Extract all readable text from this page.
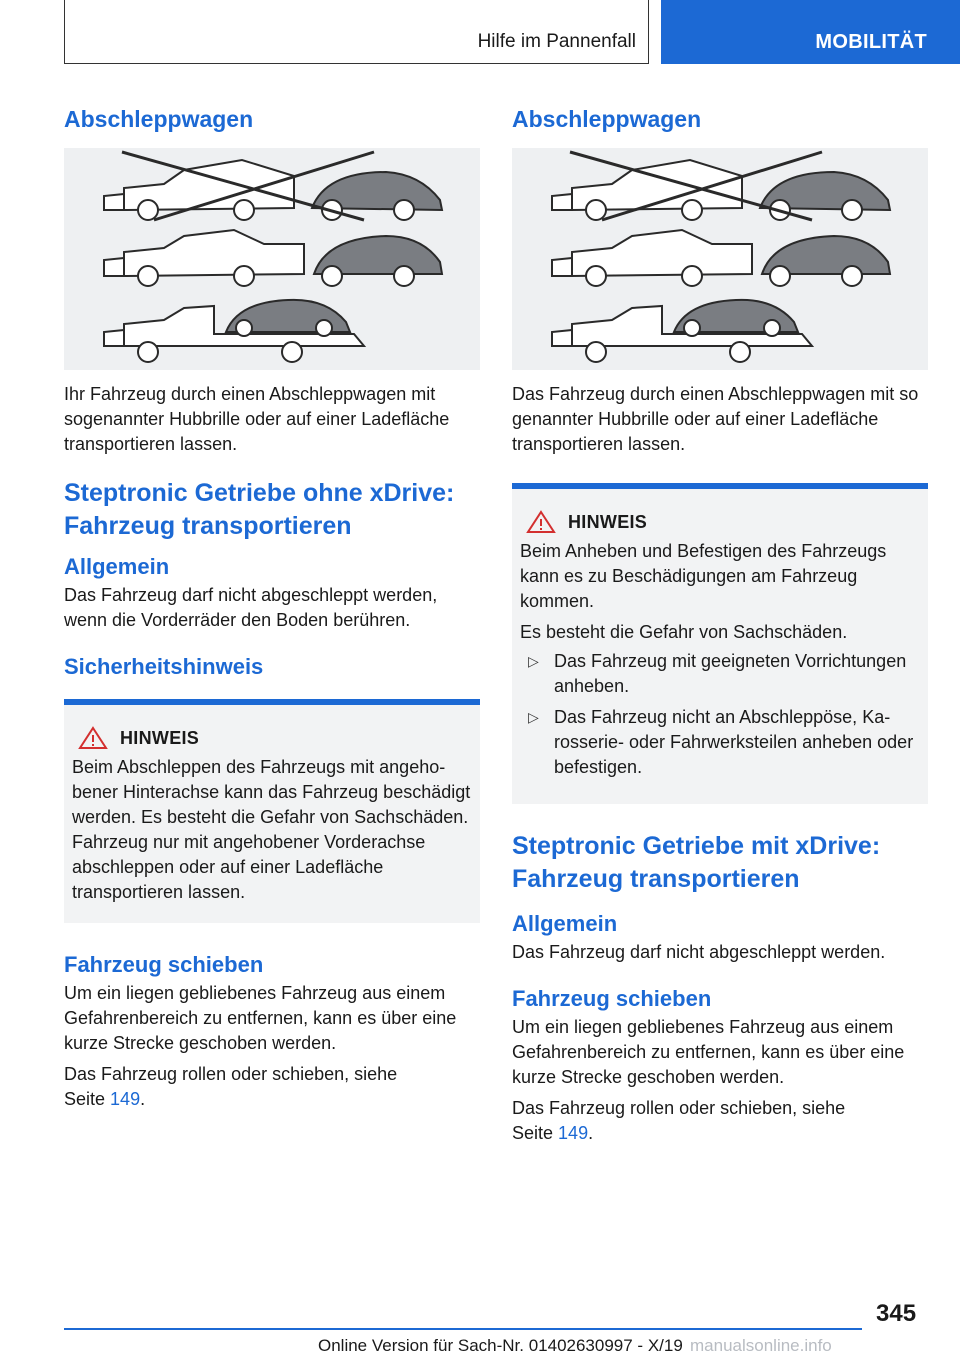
Hilfe im Pannenfall	MOBILITÄT
Abschleppwagen

Ihr Fahrzeug durch einen Abschleppwagen mit sogenannter Hubbrille oder auf einer Ladefläche transportieren lassen.

Steptronic Getriebe ohne xDrive: Fahrzeug transportieren
Allgemein

Das Fahrzeug darf nicht abgeschleppt werden, wenn die Vorderräder den Boden berühren.

Sicherheitshinweis
HINWEIS

Beim Abschleppen des Fahrzeugs mit angehobener Hinterachse kann das Fahrzeug beschädigt werden. Es besteht die Gefahr von Sachschäden. Fahrzeug nur mit angehobener Vorderachse abschleppen oder auf einer Ladefläche transportieren lassen.

Fahrzeug schieben

Um ein liegen gebliebenes Fahrzeug aus einem Gefahrenbereich zu entfernen, kann es über eine kurze Strecke geschoben werden.

Das Fahrzeug rollen oder schieben, siehe
Seite 149.

Abschleppwagen

Das Fahrzeug durch einen Abschleppwagen mit so genannter Hubbrille oder auf einer Ladefläche transportieren lassen.

HINWEIS

Beim Anheben und Befestigen des Fahrzeugs kann es zu Beschädigungen am Fahrzeug kommen.

Es besteht die Gefahr von Sachschäden.

▷ Das Fahrzeug mit geeigneten Vorrichtungen anheben.
▷ Das Fahrzeug nicht an Abschleppöse, Karosserie- oder Fahrwerksteilen anheben oder befestigen.
Steptronic Getriebe mit xDrive: Fahrzeug transportieren
Allgemein

Das Fahrzeug darf nicht abgeschleppt werden.

Fahrzeug schieben

Um ein liegen gebliebenes Fahrzeug aus einem Gefahrenbereich zu entfernen, kann es über eine kurze Strecke geschoben werden.

Das Fahrzeug rollen oder schieben, siehe
Seite 149.

345
Online Version für Sach-Nr. 01402630997 - X/19 manualsonline.info
